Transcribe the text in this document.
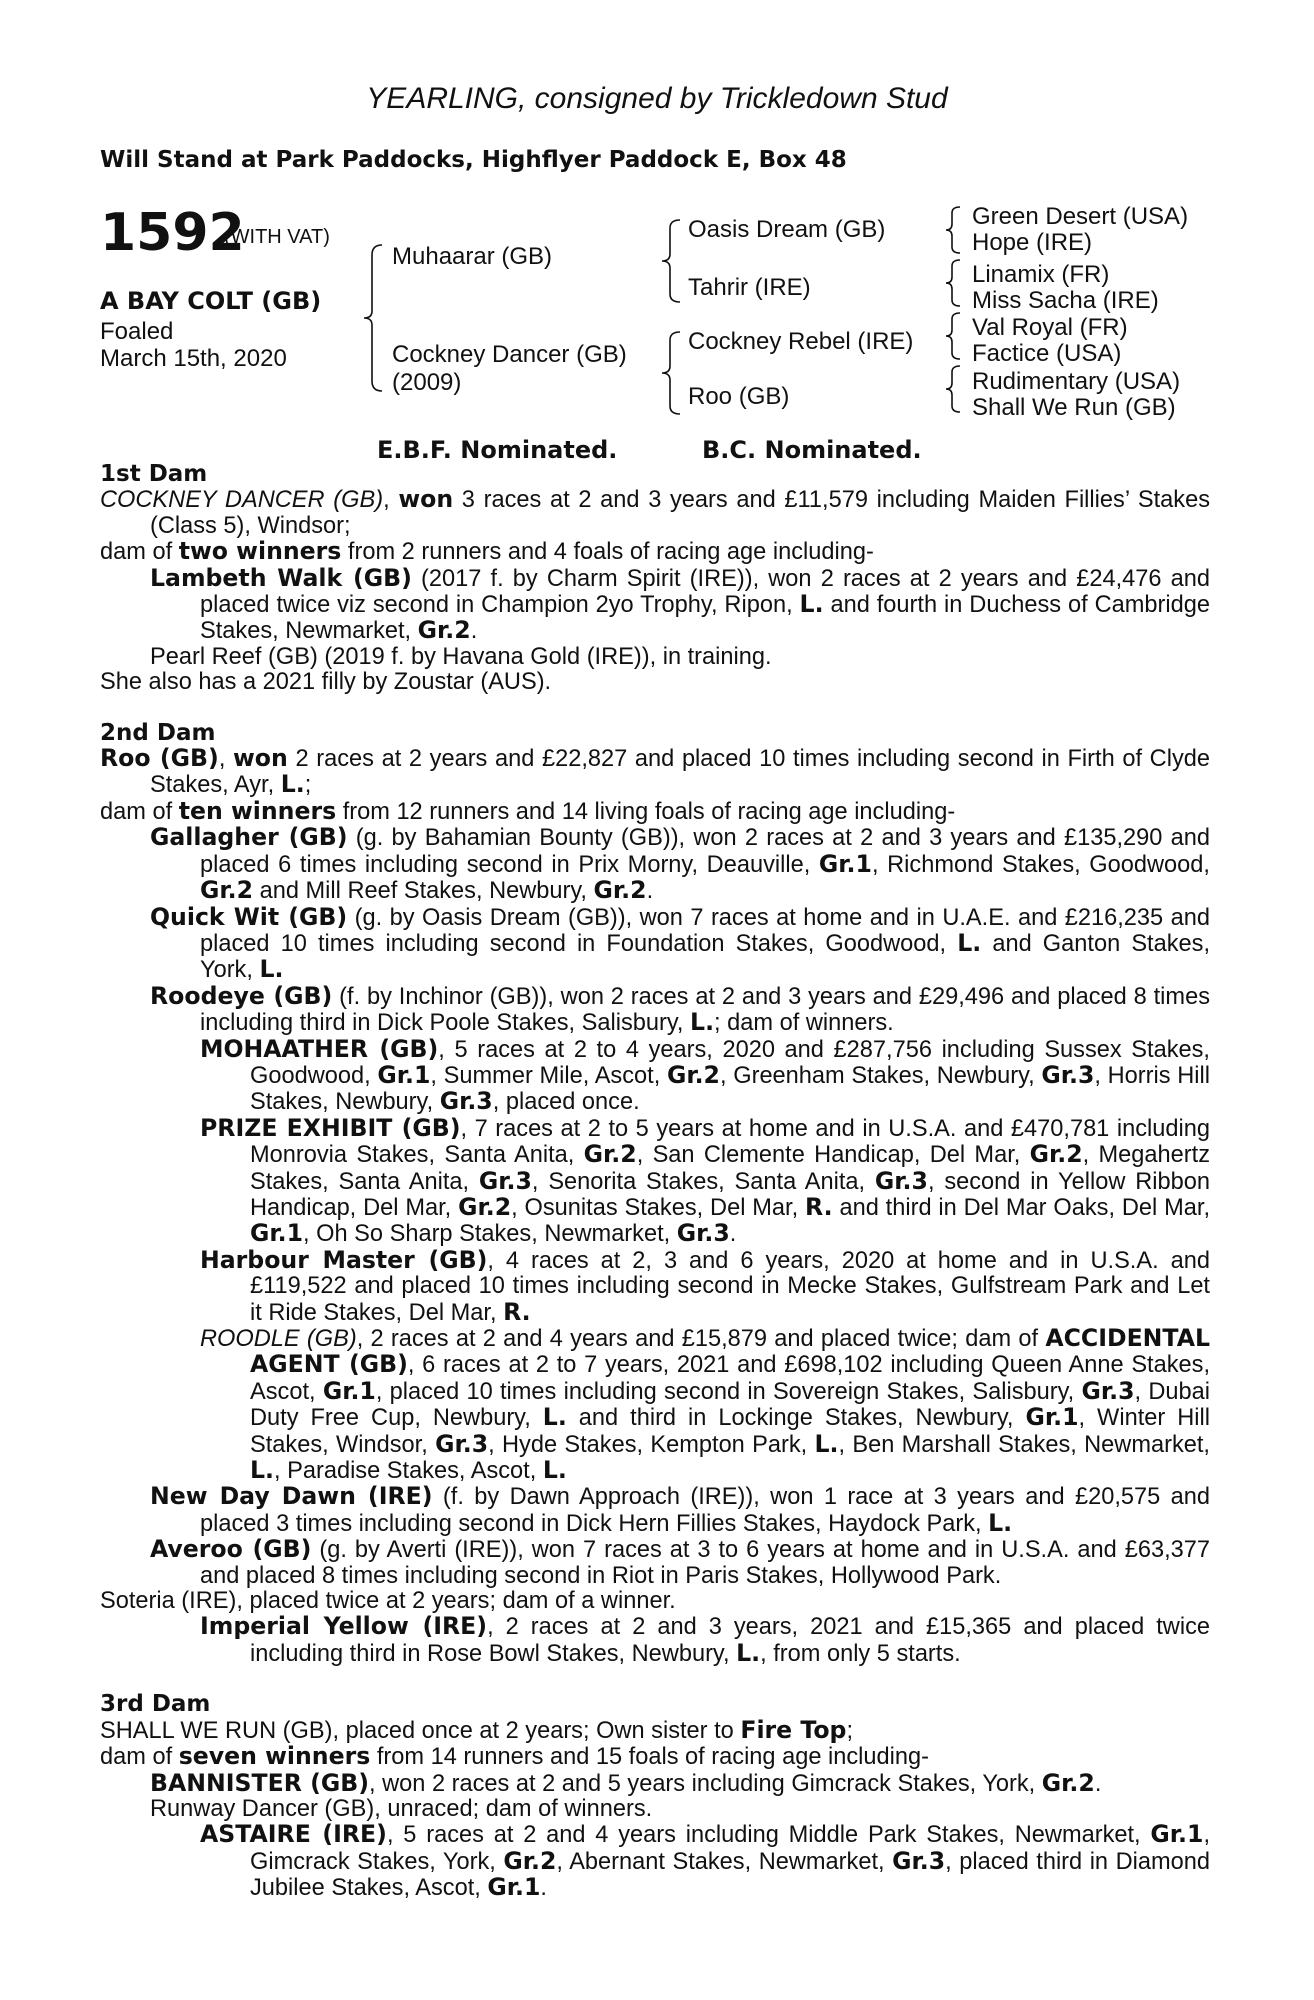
YEARLING, consigned by Trickledown Stud
Will Stand at Park Paddocks, Highflyer Paddock E, Box 48
1592
(WITH VAT)
A BAY COLT (GB)
Foaled
March 15th, 2020
Muhaarar (GB)
Cockney Dancer (GB)
(2009)
Oasis Dream (GB)
Tahrir (IRE)
Cockney Rebel (IRE)
Roo (GB)
Green Desert (USA)
Hope (IRE)
Linamix (FR)
Miss Sacha (IRE)
Val Royal (FR)
Factice (USA)
Rudimentary (USA)
Shall We Run (GB)
E.B.F. Nominated.	B.C. Nominated.

1st Dam

COCKNEY DANCER (GB), won 3 races at 2 and 3 years and £11,579 including Maiden Fillies’ Stakes (Class 5), Windsor;

dam of two winners from 2 runners and 4 foals of racing age including-

Lambeth Walk (GB) (2017 f. by Charm Spirit (IRE)), won 2 races at 2 years and £24,476 and placed twice viz second in Champion 2yo Trophy, Ripon, L. and fourth in Duchess of Cambridge Stakes, Newmarket, Gr.2.

Pearl Reef (GB) (2019 f. by Havana Gold (IRE)), in training.

She also has a 2021 filly by Zoustar (AUS).

2nd Dam

Roo (GB), won 2 races at 2 years and £22,827 and placed 10 times including second in Firth of Clyde Stakes, Ayr, L.;

dam of ten winners from 12 runners and 14 living foals of racing age including-

Gallagher (GB) (g. by Bahamian Bounty (GB)), won 2 races at 2 and 3 years and £135,290 and placed 6 times including second in Prix Morny, Deauville, Gr.1, Richmond Stakes, Goodwood, Gr.2 and Mill Reef Stakes, Newbury, Gr.2.

Quick Wit (GB) (g. by Oasis Dream (GB)), won 7 races at home and in U.A.E. and £216,235 and placed 10 times including second in Foundation Stakes, Goodwood, L. and Ganton Stakes, York, L.

Roodeye (GB) (f. by Inchinor (GB)), won 2 races at 2 and 3 years and £29,496 and placed 8 times including third in Dick Poole Stakes, Salisbury, L.; dam of winners.

MOHAATHER (GB), 5 races at 2 to 4 years, 2020 and £287,756 including Sussex Stakes, Goodwood, Gr.1, Summer Mile, Ascot, Gr.2, Greenham Stakes, Newbury, Gr.3, Horris Hill Stakes, Newbury, Gr.3, placed once.

PRIZE EXHIBIT (GB), 7 races at 2 to 5 years at home and in U.S.A. and £470,781 including Monrovia Stakes, Santa Anita, Gr.2, San Clemente Handicap, Del Mar, Gr.2, Megahertz Stakes, Santa Anita, Gr.3, Senorita Stakes, Santa Anita, Gr.3, second in Yellow Ribbon Handicap, Del Mar, Gr.2, Osunitas Stakes, Del Mar, R. and third in Del Mar Oaks, Del Mar, Gr.1, Oh So Sharp Stakes, Newmarket, Gr.3.

Harbour Master (GB), 4 races at 2, 3 and 6 years, 2020 at home and in U.S.A. and £119,522 and placed 10 times including second in Mecke Stakes, Gulfstream Park and Let it Ride Stakes, Del Mar, R.

ROODLE (GB), 2 races at 2 and 4 years and £15,879 and placed twice; dam of ACCIDENTAL AGENT (GB), 6 races at 2 to 7 years, 2021 and £698,102 including Queen Anne Stakes, Ascot, Gr.1, placed 10 times including second in Sovereign Stakes, Salisbury, Gr.3, Dubai Duty Free Cup, Newbury, L. and third in Lockinge Stakes, Newbury, Gr.1, Winter Hill Stakes, Windsor, Gr.3, Hyde Stakes, Kempton Park, L., Ben Marshall Stakes, Newmarket, L., Paradise Stakes, Ascot, L.

New Day Dawn (IRE) (f. by Dawn Approach (IRE)), won 1 race at 3 years and £20,575 and placed 3 times including second in Dick Hern Fillies Stakes, Haydock Park, L.

Averoo (GB) (g. by Averti (IRE)), won 7 races at 3 to 6 years at home and in U.S.A. and £63,377 and placed 8 times including second in Riot in Paris Stakes, Hollywood Park.

Soteria (IRE), placed twice at 2 years; dam of a winner.

Imperial Yellow (IRE), 2 races at 2 and 3 years, 2021 and £15,365 and placed twice including third in Rose Bowl Stakes, Newbury, L., from only 5 starts.

3rd Dam

SHALL WE RUN (GB), placed once at 2 years; Own sister to Fire Top;

dam of seven winners from 14 runners and 15 foals of racing age including-

BANNISTER (GB), won 2 races at 2 and 5 years including Gimcrack Stakes, York, Gr.2.

Runway Dancer (GB), unraced; dam of winners.

ASTAIRE (IRE), 5 races at 2 and 4 years including Middle Park Stakes, Newmarket, Gr.1, Gimcrack Stakes, York, Gr.2, Abernant Stakes, Newmarket, Gr.3, placed third in Diamond Jubilee Stakes, Ascot, Gr.1.
